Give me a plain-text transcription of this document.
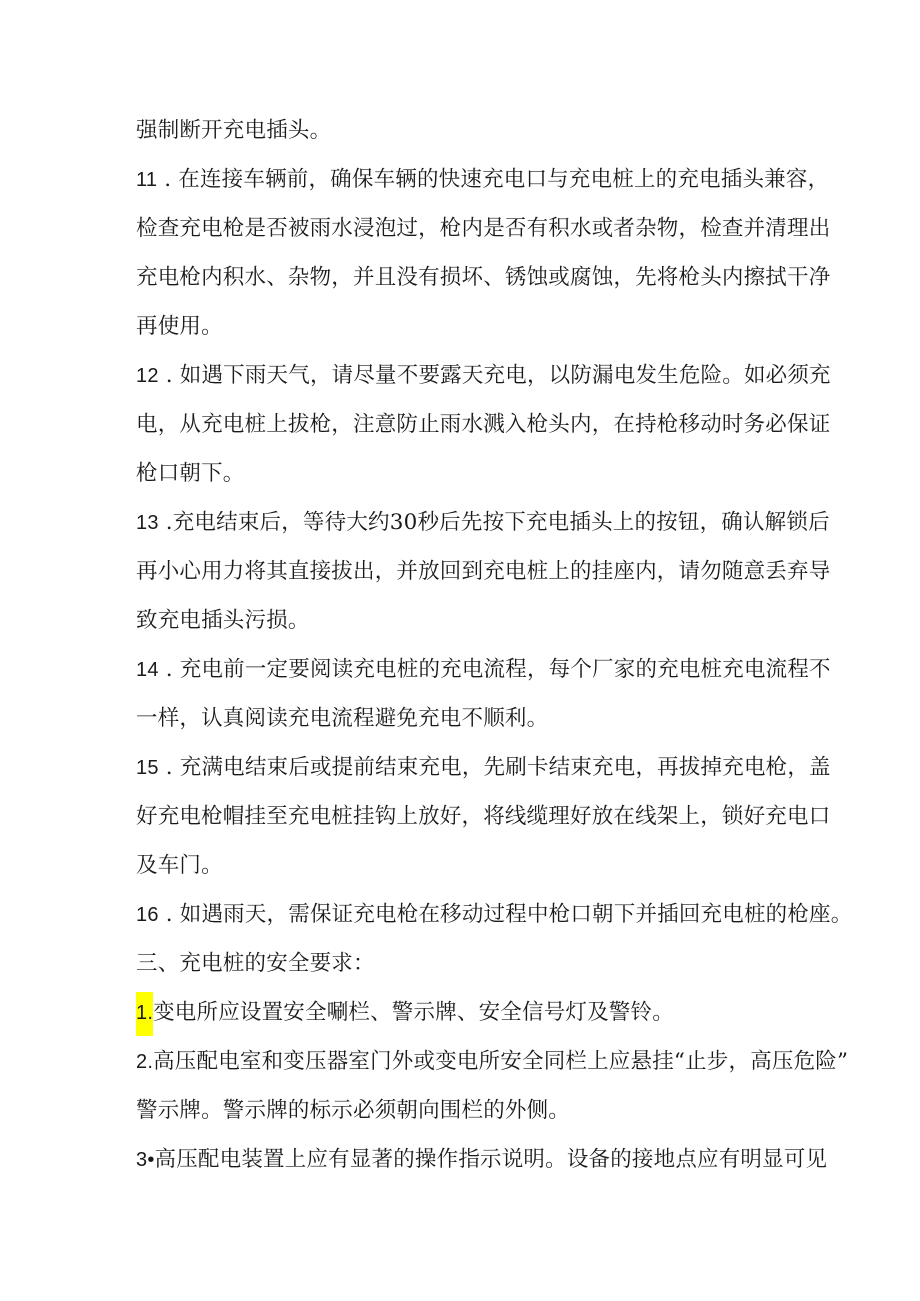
强制断开充电插头。
11 . 在连接车辆前，确保车辆的快速充电口与充电桩上的充电插头兼容，
检查充电枪是否被雨水浸泡过，枪内是否有积水或者杂物，检查并清理出
充电枪内积水、杂物，并且没有损坏、锈蚀或腐蚀，先将枪头内擦拭干净
再使用。
12 . 如遇下雨天气，请尽量不要露天充电，以防漏电发生危险。如必须充
电，从充电桩上拔枪，注意防止雨水溅入枪头内，在持枪移动时务必保证
枪口朝下。
13 .充电结束后，等待大约30秒后先按下充电插头上的按钮，确认解锁后
再小心用力将其直接拔出，并放回到充电桩上的挂座内，请勿随意丢弃导
致充电插头污损。
14 . 充电前一定要阅读充电桩的充电流程，每个厂家的充电桩充电流程不
一样，认真阅读充电流程避免充电不顺利。
15 . 充满电结束后或提前结束充电，先刷卡结束充电，再拔掉充电枪，盖
好充电枪帽挂至充电桩挂钩上放好，将线缆理好放在线架上，锁好充电口
及车门。
16 . 如遇雨天，需保证充电枪在移动过程中枪口朝下并插回充电桩的枪座。
三、充电桩的安全要求：
1.变电所应设置安全唰栏、警示牌、安全信号灯及警铃。
2.高压配电室和变压器室门外或变电所安全同栏上应悬挂“止步，高压危险”
警示牌。警示牌的标示必须朝向围栏的外侧。
3•高压配电装置上应有显著的操作指示说明。设备的接地点应有明显可见
